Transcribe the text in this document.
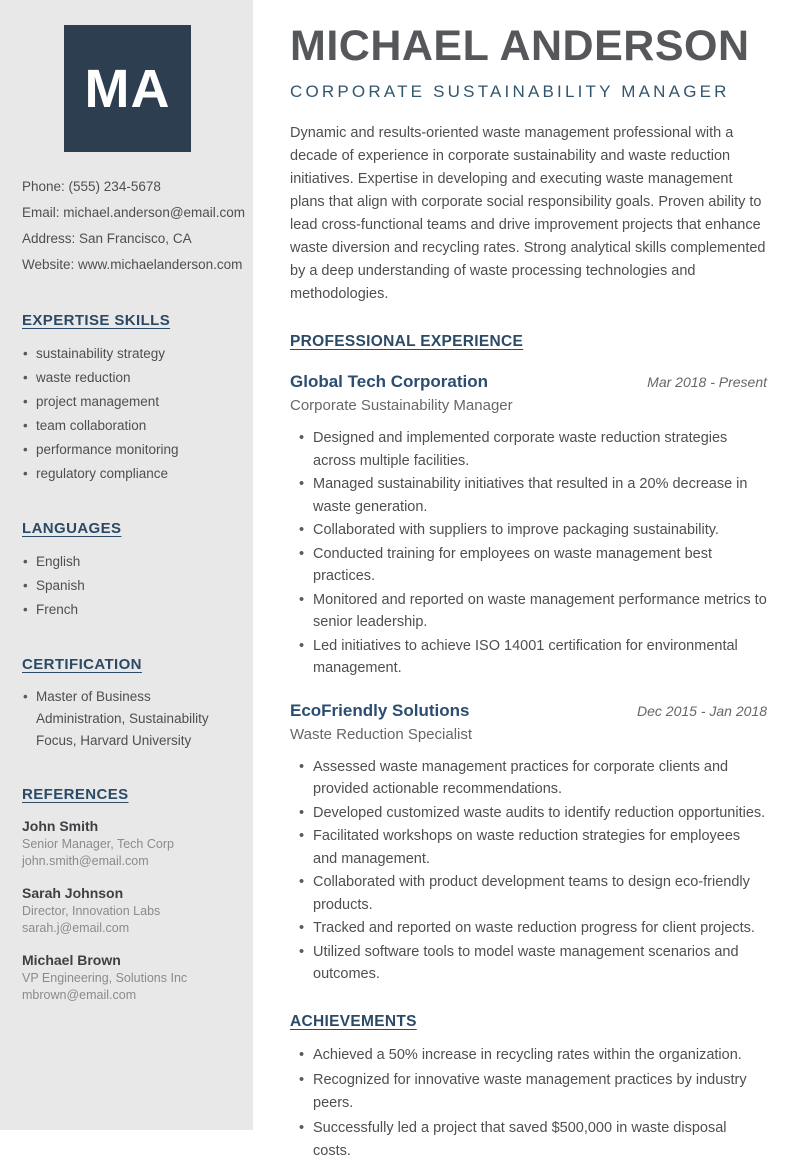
MA
Phone: (555) 234-5678
Email: michael.anderson@email.com
Address: San Francisco, CA
Website: www.michaelanderson.com
EXPERTISE SKILLS
• sustainability strategy
• waste reduction
• project management
• team collaboration
• performance monitoring
• regulatory compliance
LANGUAGES
• English
• Spanish
• French
CERTIFICATION
• Master of Business Administration, Sustainability Focus, Harvard University
REFERENCES
John Smith
Senior Manager, Tech Corp
john.smith@email.com
Sarah Johnson
Director, Innovation Labs
sarah.j@email.com
Michael Brown
VP Engineering, Solutions Inc
mbrown@email.com
MICHAEL ANDERSON
CORPORATE SUSTAINABILITY MANAGER

Dynamic and results-oriented waste management professional with a decade of experience in corporate sustainability and waste reduction initiatives. Expertise in developing and executing waste management plans that align with corporate social responsibility goals. Proven ability to lead cross-functional teams and drive improvement projects that enhance waste diversion and recycling rates. Strong analytical skills complemented by a deep understanding of waste processing technologies and methodologies.

PROFESSIONAL EXPERIENCE
Global Tech Corporation	Mar 2018 - Present
Corporate Sustainability Manager
• Designed and implemented corporate waste reduction strategies across multiple facilities.
• Managed sustainability initiatives that resulted in a 20% decrease in waste generation.
• Collaborated with suppliers to improve packaging sustainability.
• Conducted training for employees on waste management best practices.
• Monitored and reported on waste management performance metrics to senior leadership.
• Led initiatives to achieve ISO 14001 certification for environmental management.
EcoFriendly Solutions	Dec 2015 - Jan 2018
Waste Reduction Specialist
• Assessed waste management practices for corporate clients and provided actionable recommendations.
• Developed customized waste audits to identify reduction opportunities.
• Facilitated workshops on waste reduction strategies for employees and management.
• Collaborated with product development teams to design eco-friendly products.
• Tracked and reported on waste reduction progress for client projects.
• Utilized software tools to model waste management scenarios and outcomes.
ACHIEVEMENTS
• Achieved a 50% increase in recycling rates within the organization.
• Recognized for innovative waste management practices by industry peers.
• Successfully led a project that saved $500,000 in waste disposal costs.
